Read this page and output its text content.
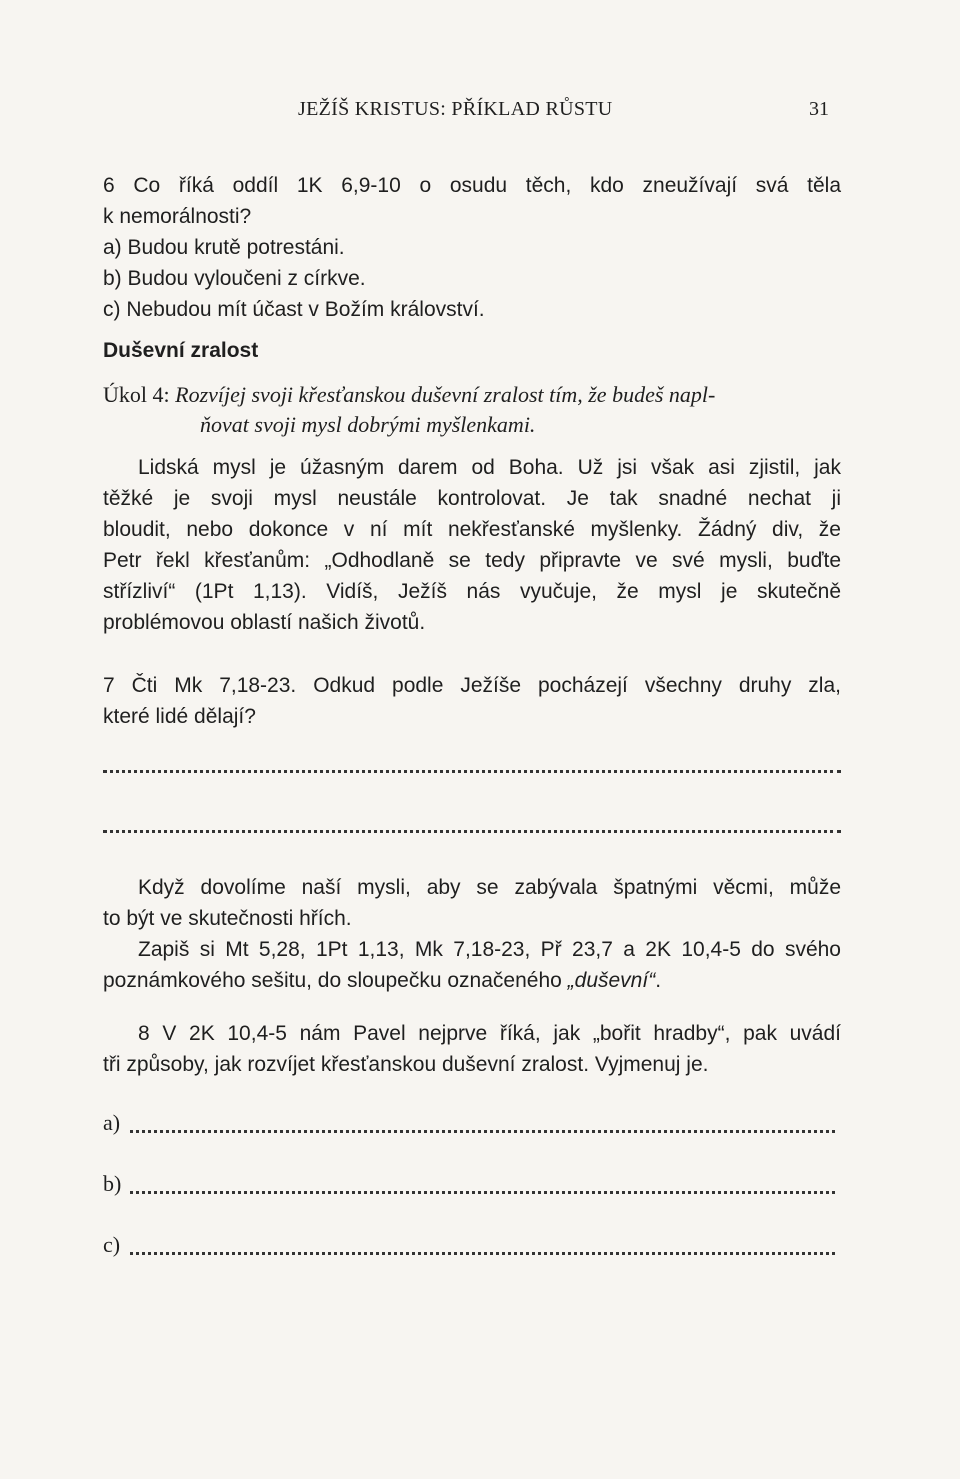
JEŽÍŠ KRISTUS: PŘÍKLAD RŮSTU	31
6 Co říká oddíl 1K 6,9-10 o osudu těch, kdo zneužívají svá těla
k nemorálnosti?
a) Budou krutě potrestáni.
b) Budou vyloučeni z církve.
c) Nebudou mít účast v Božím království.
Duševní zralost
Úkol 4: Rozvíjej svoji křesťanskou duševní zralost tím, že budeš napl-
ňovat svoji mysl dobrými myšlenkami.
Lidská mysl je úžasným darem od Boha. Už jsi však asi zjistil, jak
těžké je svoji mysl neustále kontrolovat. Je tak snadné nechat ji
bloudit, nebo dokonce v ní mít nekřesťanské myšlenky. Žádný div, že
Petr řekl křesťanům: „Odhodlaně se tedy připravte ve své mysli, buďte
střízliví“ (1Pt 1,13). Vidíš, Ježíš nás vyučuje, že mysl je skutečně
problémovou oblastí našich životů.
7 Čti Mk 7,18-23. Odkud podle Ježíše pocházejí všechny druhy zla,
které lidé dělají?
Když dovolíme naší mysli, aby se zabývala špatnými věcmi, může
to být ve skutečnosti hřích.
Zapiš si Mt 5,28, 1Pt 1,13, Mk 7,18-23, Př 23,7 a 2K 10,4-5 do svého
poznámkového sešitu, do sloupečku označeného „duševní“.
8 V 2K 10,4-5 nám Pavel nejprve říká, jak „bořit hradby“, pak uvádí
tři způsoby, jak rozvíjet křesťanskou duševní zralost. Vyjmenuj je.
a)
b)
c)
